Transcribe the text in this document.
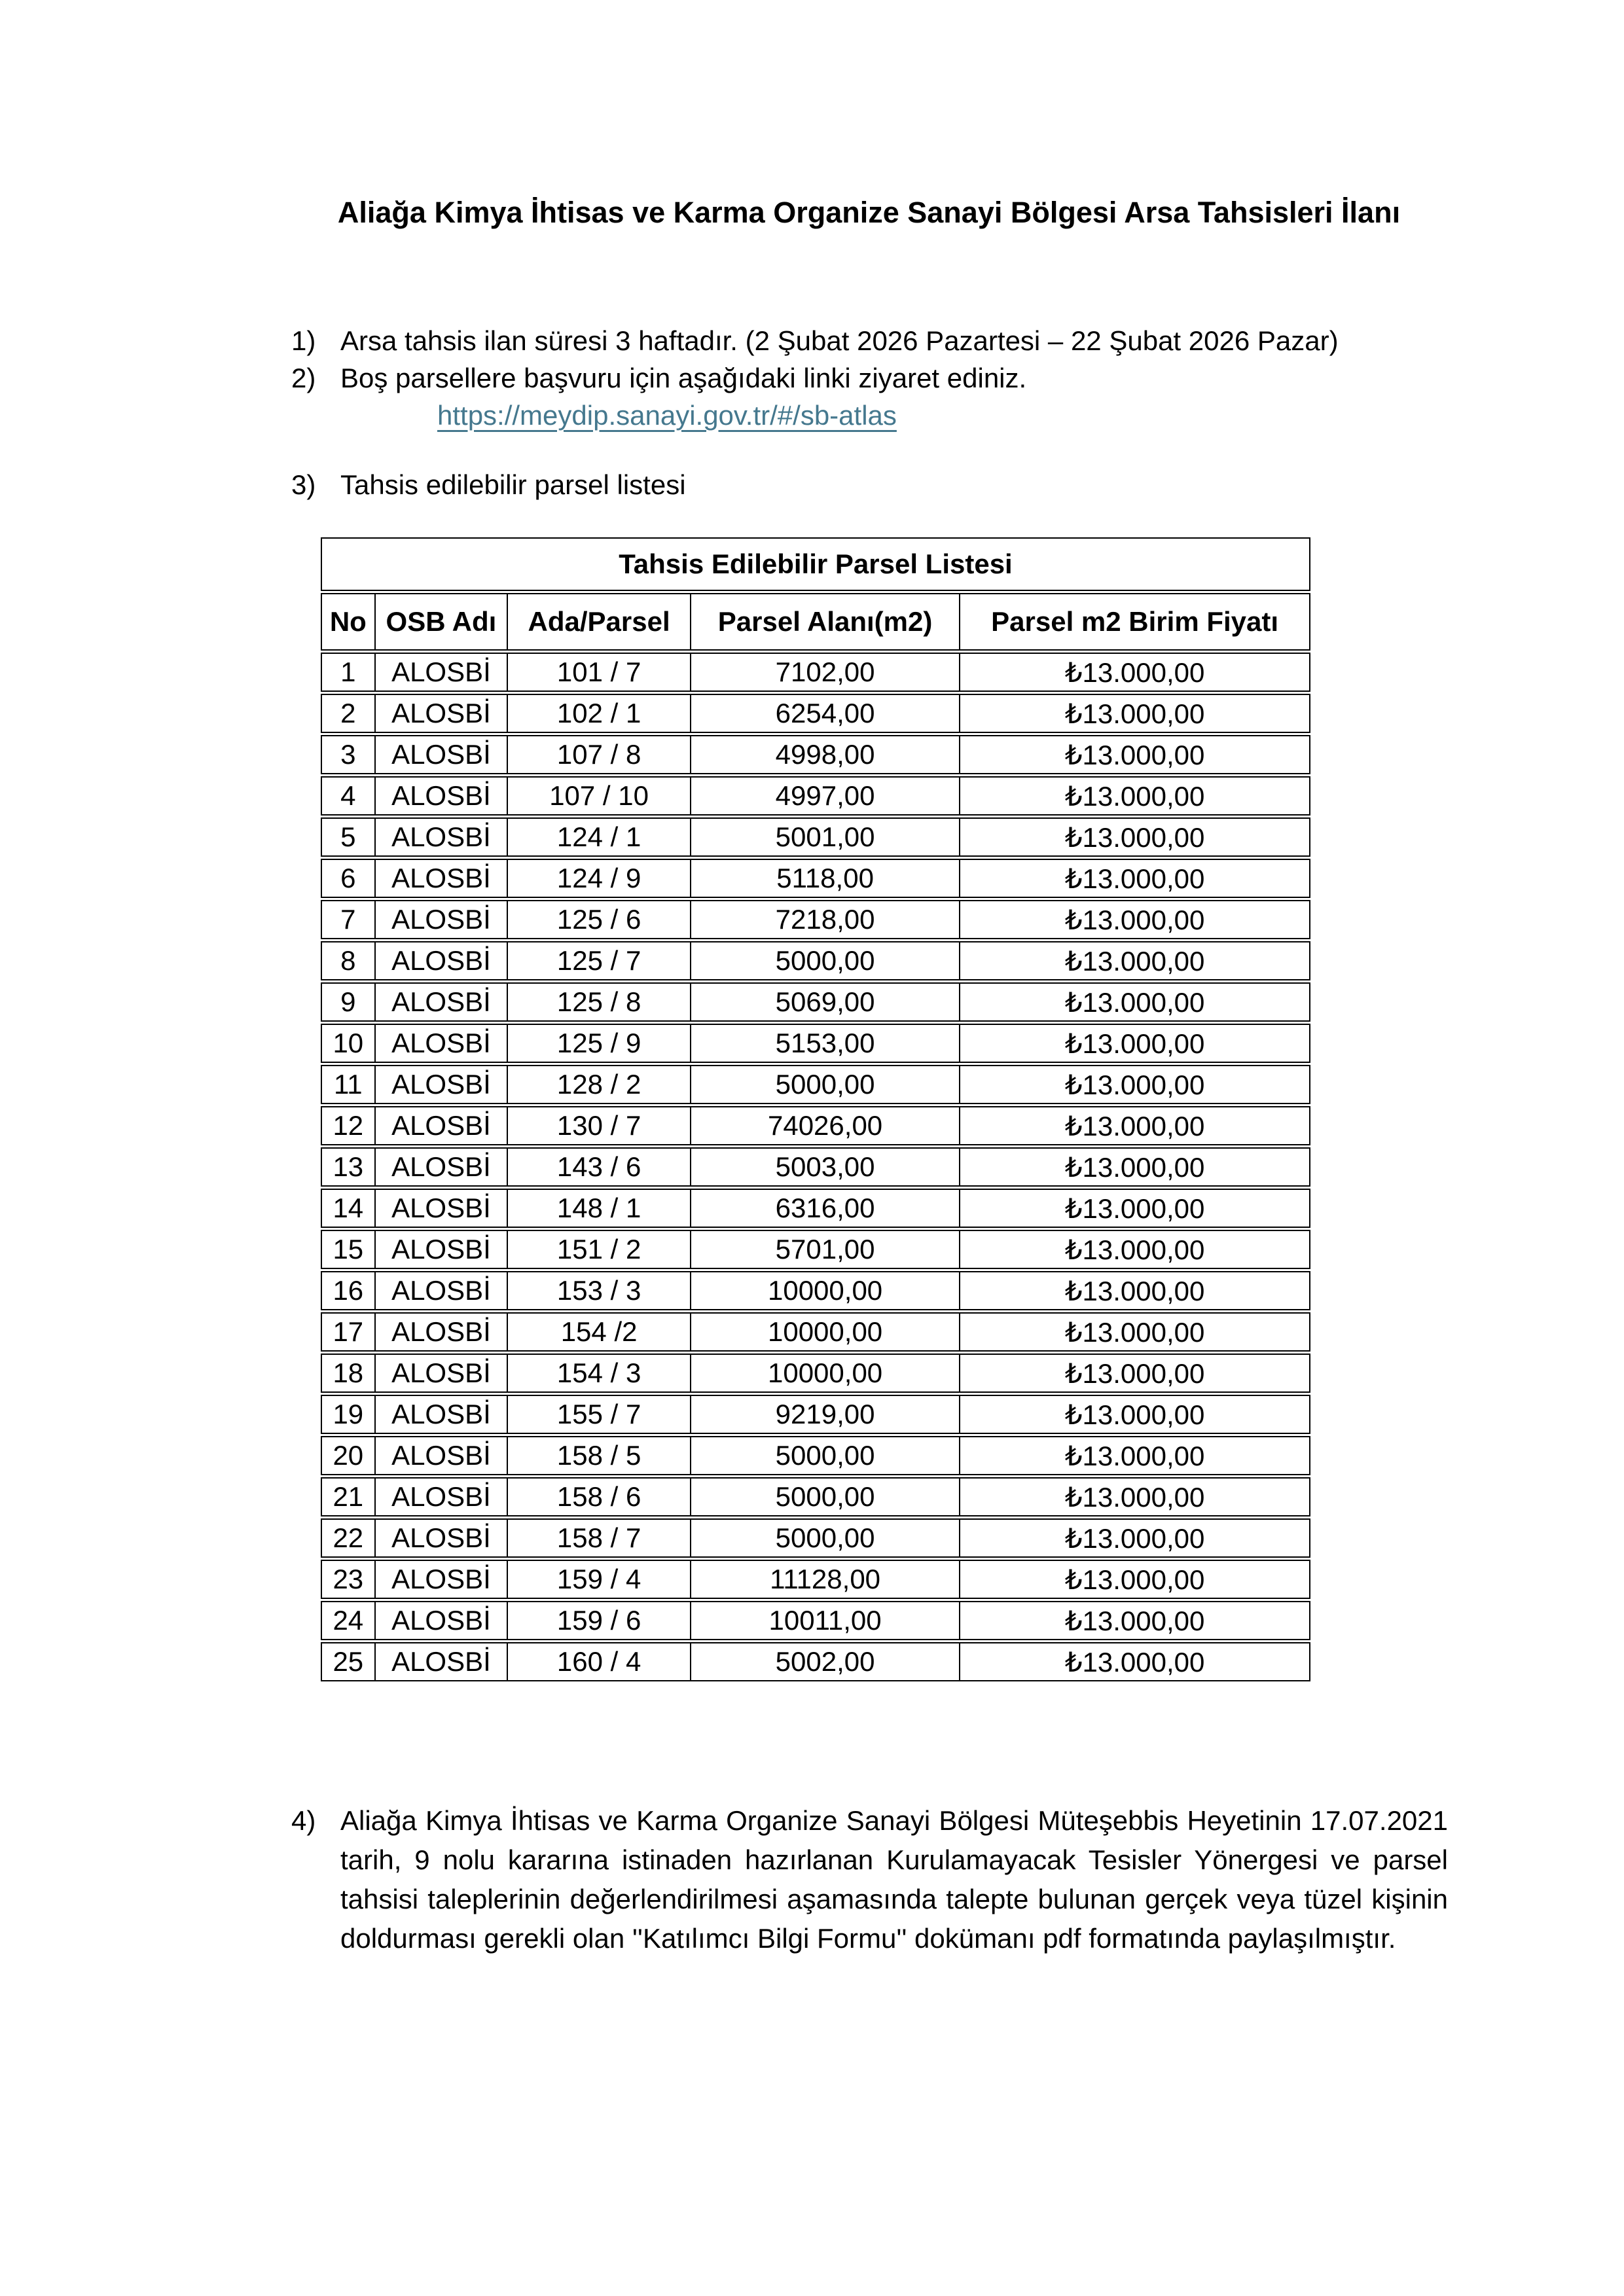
Aliağa Kimya İhtisas ve Karma Organize Sanayi Bölgesi Arsa Tahsisleri İlanı
1) Arsa tahsis ilan süresi 3 haftadır. (2 Şubat 2026 Pazartesi – 22 Şubat 2026 Pazar)
2) Boş parsellere başvuru için aşağıdaki linki ziyaret ediniz.
https://meydip.sanayi.gov.tr/#/sb-atlas
3) Tahsis edilebilir parsel listesi
Tahsis Edilebilir Parsel Listesi				
No	OSB Adı	Ada/Parsel	Parsel Alanı(m2)	Parsel m2 Birim Fiyatı
1	ALOSBİ	101 / 7	7102,00	₺13.000,00
2	ALOSBİ	102 / 1	6254,00	₺13.000,00
3	ALOSBİ	107 / 8	4998,00	₺13.000,00
4	ALOSBİ	107 / 10	4997,00	₺13.000,00
5	ALOSBİ	124 / 1	5001,00	₺13.000,00
6	ALOSBİ	124 / 9	5118,00	₺13.000,00
7	ALOSBİ	125 / 6	7218,00	₺13.000,00
8	ALOSBİ	125 / 7	5000,00	₺13.000,00
9	ALOSBİ	125 / 8	5069,00	₺13.000,00
10	ALOSBİ	125 / 9	5153,00	₺13.000,00
11	ALOSBİ	128 / 2	5000,00	₺13.000,00
12	ALOSBİ	130 / 7	74026,00	₺13.000,00
13	ALOSBİ	143 / 6	5003,00	₺13.000,00
14	ALOSBİ	148 / 1	6316,00	₺13.000,00
15	ALOSBİ	151 / 2	5701,00	₺13.000,00
16	ALOSBİ	153 / 3	10000,00	₺13.000,00
17	ALOSBİ	154 /2	10000,00	₺13.000,00
18	ALOSBİ	154 / 3	10000,00	₺13.000,00
19	ALOSBİ	155 / 7	9219,00	₺13.000,00
20	ALOSBİ	158 / 5	5000,00	₺13.000,00
21	ALOSBİ	158 / 6	5000,00	₺13.000,00
22	ALOSBİ	158 / 7	5000,00	₺13.000,00
23	ALOSBİ	159 / 4	11128,00	₺13.000,00
24	ALOSBİ	159 / 6	10011,00	₺13.000,00
25	ALOSBİ	160 / 4	5002,00	₺13.000,00
4) Aliağa Kimya İhtisas ve Karma Organize Sanayi Bölgesi Müteşebbis Heyetinin 17.07.2021 tarih, 9 nolu kararına istinaden hazırlanan Kurulamayacak Tesisler Yönergesi ve parsel tahsisi taleplerinin değerlendirilmesi aşamasında talepte bulunan gerçek veya tüzel kişinin doldurması gerekli olan ''Katılımcı Bilgi Formu'' dokümanı pdf formatında paylaşılmıştır.
